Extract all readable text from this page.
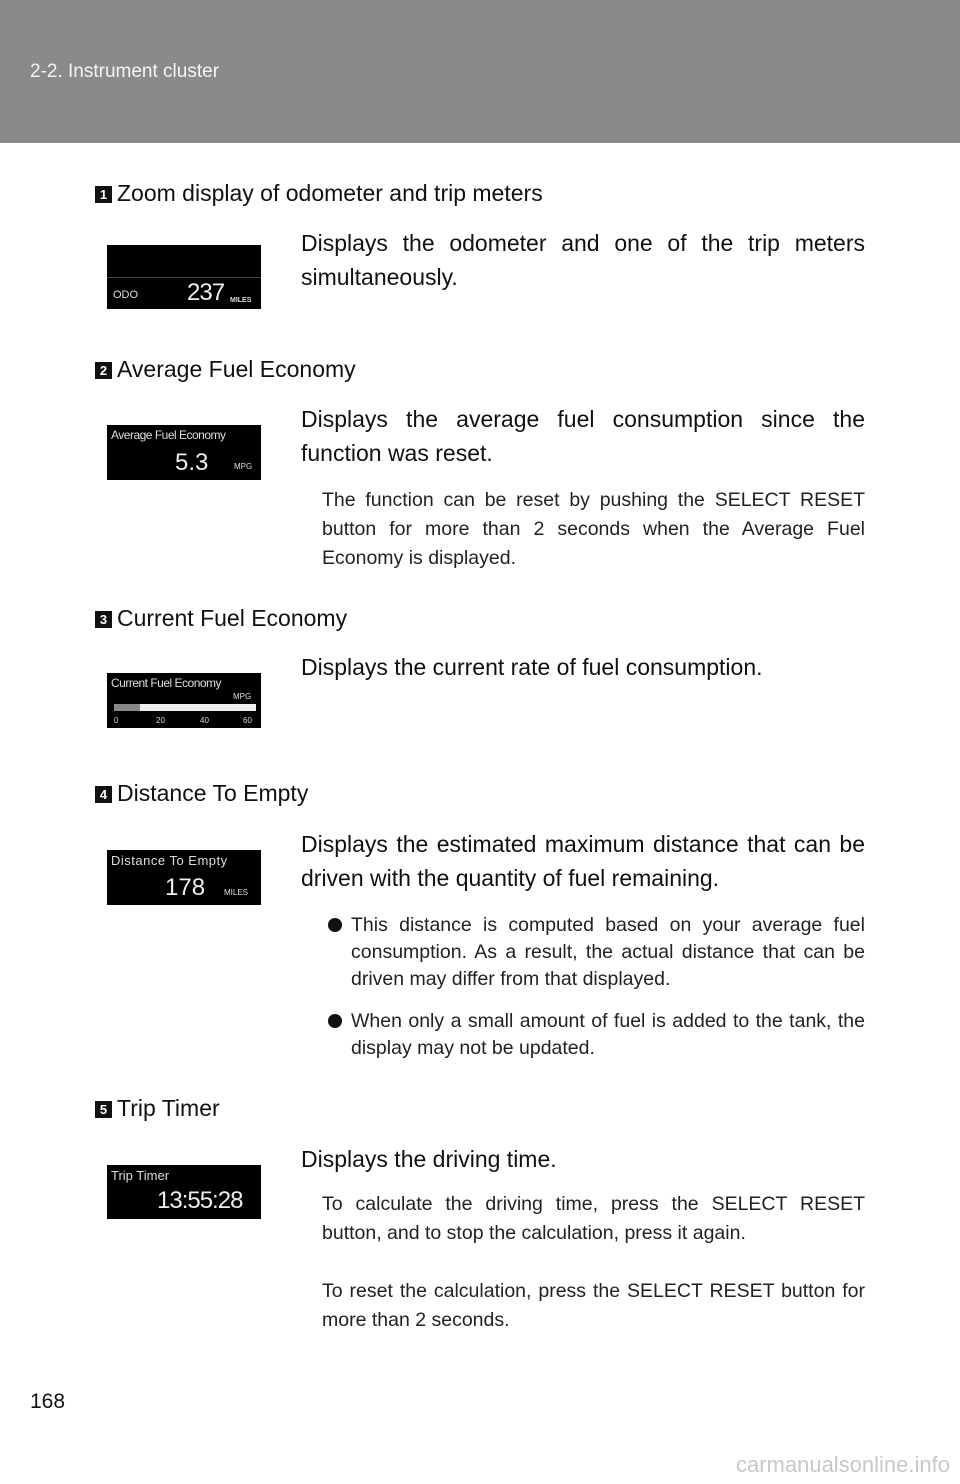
2-2. Instrument cluster
1 Zoom display of odometer and trip meters
ODO 237 MILES
Displays the odometer and one of the trip meters simultaneously.
2 Average Fuel Economy
Average Fuel Economy
5.3	MPG
Displays the average fuel consumption since the function was reset.
The function can be reset by pushing the SELECT RESET button for more than 2 seconds when the Average Fuel Economy is displayed.
3 Current Fuel Economy
Current Fuel Economy
MPG
0	20	40	60
Displays the current rate of fuel consumption.
4 Distance To Empty
Distance To Empty
178 MILES
Displays the estimated maximum distance that can be driven with the quantity of fuel remaining.
This distance is computed based on your average fuel consumption. As a result, the actual distance that can be driven may differ from that displayed.
When only a small amount of fuel is added to the tank, the display may not be updated.
5 Trip Timer
Trip Timer
13:55:28
Displays the driving time.
To calculate the driving time, press the SELECT RESET button, and to stop the calculation, press it again.
To reset the calculation, press the SELECT RESET button for more than 2 seconds.
168
carmanualsonline.info
